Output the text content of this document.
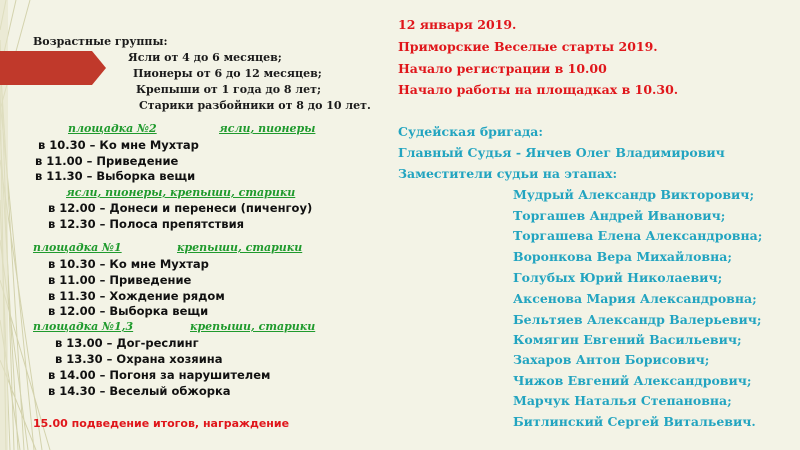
Возрастные группы:
Ясли от 4 до 6 месяцев;
Пионеры от 6 до 12 месяцев;
Крепыши от 1 года до 8 лет;
Старики разбойники от 8 до 10 лет.
площадка №2	ясли, пионеры
в 10.30 – Ко мне Мухтар
в 11.00 – Приведение
в 11.30 – Выборка вещи
ясли, пионеры, крепыши, старики
в 12.00 – Донеси и перенеси (пиченгоу)
в 12.30 – Полоса препятствия
площадка №1	крепыши, старики
в 10.30 – Ко мне Мухтар
в 11.00 – Приведение
в 11.30 – Хождение рядом
в 12.00 – Выборка вещи
площадка №1,3	крепыши, старики
в 13.00 – Дог-реслинг
в 13.30 – Охрана хозяина
в 14.00 – Погоня за нарушителем
в 14.30 – Веселый обжорка
15.00 подведение итогов, награждение
12 января 2019.
Приморские Веселые старты 2019.
Начало регистрации в 10.00
Начало работы на площадках в 10.30.
Судейская бригада:
Главный Судья - Янчев Олег Владимирович
Заместители судьи на этапах:
Мудрый Александр Викторович;
Торгашев Андрей Иванович;
Торгашева Елена Александровна;
Воронкова Вера Михайловна;
Голубых Юрий Николаевич;
Аксенова Мария Александровна;
Бельтяев Александр Валерьевич;
Комягин Евгений Васильевич;
Захаров Антон Борисович;
Чижов Евгений Александрович;
Марчук Наталья Степановна;
Битлинский Сергей Витальевич.
